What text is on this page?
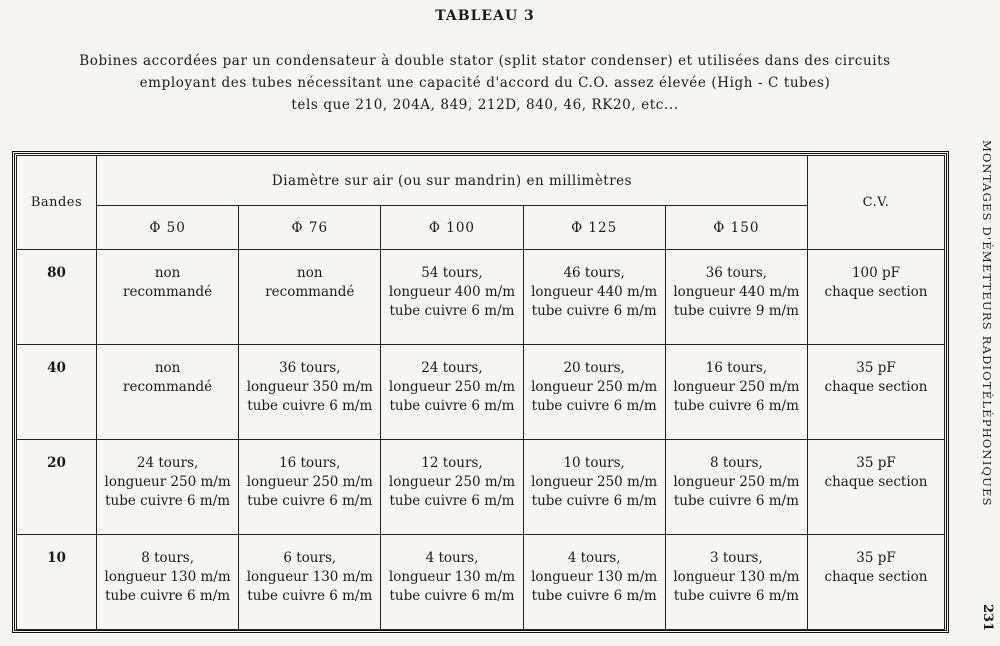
TABLEAU 3
Bobines accordées par un condensateur à double stator (split stator condenser) et utilisées dans des circuits
employant des tubes nécessitant une capacité d'accord du C.O. assez élevée (High - C tubes)
tels que 210, 204A, 849, 212D, 840, 46, RK20, etc...
MONTAGES D'ÉMETTEURS RADIOTÉLÉPHONIQUES
231
Bandes	Diamètre sur air (ou sur mandrin) en millimètres					C.V.
	Φ 50	Φ 76	Φ 100	Φ 125	Φ 150	
80	non
recommandé	non
recommandé	54 tours,
longueur 400 m/m
tube cuivre 6 m/m	46 tours,
longueur 440 m/m
tube cuivre 6 m/m	36 tours,
longueur 440 m/m
tube cuivre 9 m/m	100 pF
chaque section

40	non
recommandé	36 tours,
longueur 350 m/m
tube cuivre 6 m/m	24 tours,
longueur 250 m/m
tube cuivre 6 m/m	20 tours,
longueur 250 m/m
tube cuivre 6 m/m	16 tours,
longueur 250 m/m
tube cuivre 6 m/m	35 pF
chaque section

20	24 tours,
longueur 250 m/m
tube cuivre 6 m/m	16 tours,
longueur 250 m/m
tube cuivre 6 m/m	12 tours,
longueur 250 m/m
tube cuivre 6 m/m	10 tours,
longueur 250 m/m
tube cuivre 6 m/m	8 tours,
longueur 250 m/m
tube cuivre 6 m/m	35 pF
chaque section

10	8 tours,
longueur 130 m/m
tube cuivre 6 m/m	6 tours,
longueur 130 m/m
tube cuivre 6 m/m	4 tours,
longueur 130 m/m
tube cuivre 6 m/m	4 tours,
longueur 130 m/m
tube cuivre 6 m/m	3 tours,
longueur 130 m/m
tube cuivre 6 m/m	35 pF
chaque section
